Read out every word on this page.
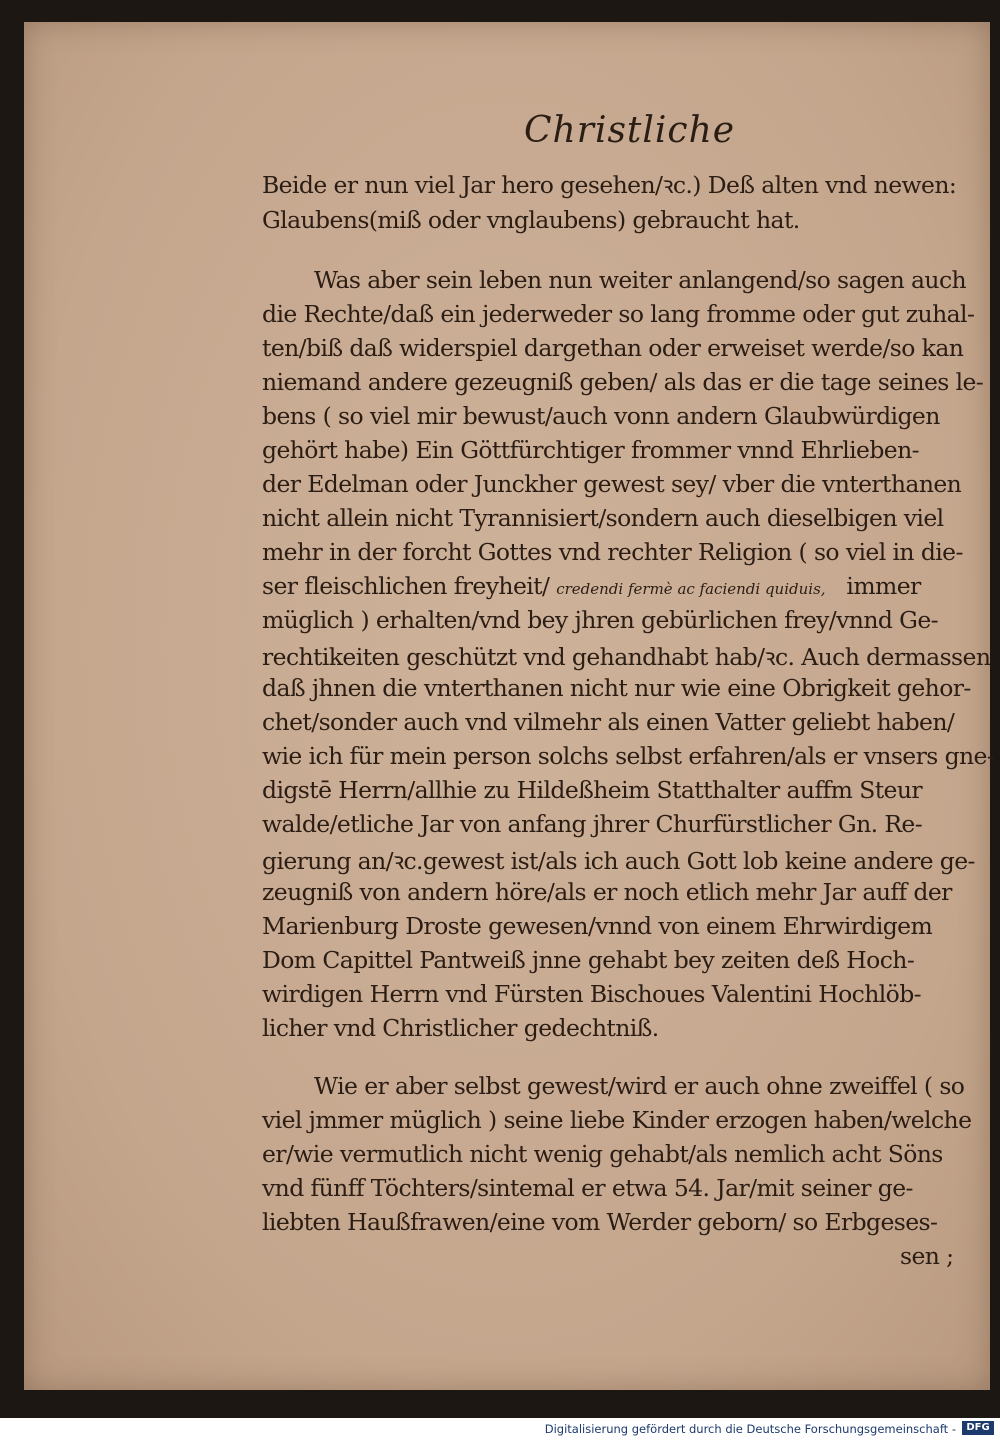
Christliche
Beide er nun viel Jar hero gesehen/ꝛc.) Deß alten vnd newen:
Glaubens(miß oder vnglaubens) gebraucht hat.
Was aber sein leben nun weiter anlangend/so sagen auch
die Rechte/daß ein jederweder so lang fromme oder gut zuhal-
ten/biß daß widerspiel dargethan oder erweiset werde/so kan
niemand andere gezeugniß geben/ als das er die tage seines le-
bens ( so viel mir bewust/auch vonn andern Glaubwürdigen
gehört habe) Ein Göttfürchtiger frommer vnnd Ehrlieben-
der Edelman oder Junckher gewest sey/ vber die vnterthanen
nicht allein nicht Tyrannisiert/sondern auch dieselbigen viel
mehr in der forcht Gottes vnd rechter Religion ( so viel in die-
ser fleischlichen freyheit/ credendi fermè ac faciendi quiduis, immer
müglich ) erhalten/vnd bey jhren gebürlichen frey/vnnd Ge-
rechtikeiten geschützt vnd gehandhabt hab/ꝛc. Auch dermassen
daß jhnen die vnterthanen nicht nur wie eine Obrigkeit gehor-
chet/sonder auch vnd vilmehr als einen Vatter geliebt haben/
wie ich für mein person solchs selbst erfahren/als er vnsers gne-
digstē Herrn/allhie zu Hildeßheim Statthalter auffm Steur
walde/etliche Jar von anfang jhrer Churfürstlicher Gn. Re-
gierung an/ꝛc.gewest ist/als ich auch Gott lob keine andere ge-
zeugniß von andern höre/als er noch etlich mehr Jar auff der
Marienburg Droste gewesen/vnnd von einem Ehrwirdigem
Dom Capittel Pantweiß jnne gehabt bey zeiten deß Hoch-
wirdigen Herrn vnd Fürsten Bischoues Valentini Hochlöb-
licher vnd Christlicher gedechtniß.
Wie er aber selbst gewest/wird er auch ohne zweiffel ( so
viel jmmer müglich ) seine liebe Kinder erzogen haben/welche
er/wie vermutlich nicht wenig gehabt/als nemlich acht Söns
vnd fünff Töchters/sintemal er etwa 54. Jar/mit seiner ge-
liebten Haußfrawen/eine vom Werder geborn/ so Erbgeses-
sen ;
Digitalisierung gefördert durch die Deutsche Forschungsgemeinschaft -	DFG
